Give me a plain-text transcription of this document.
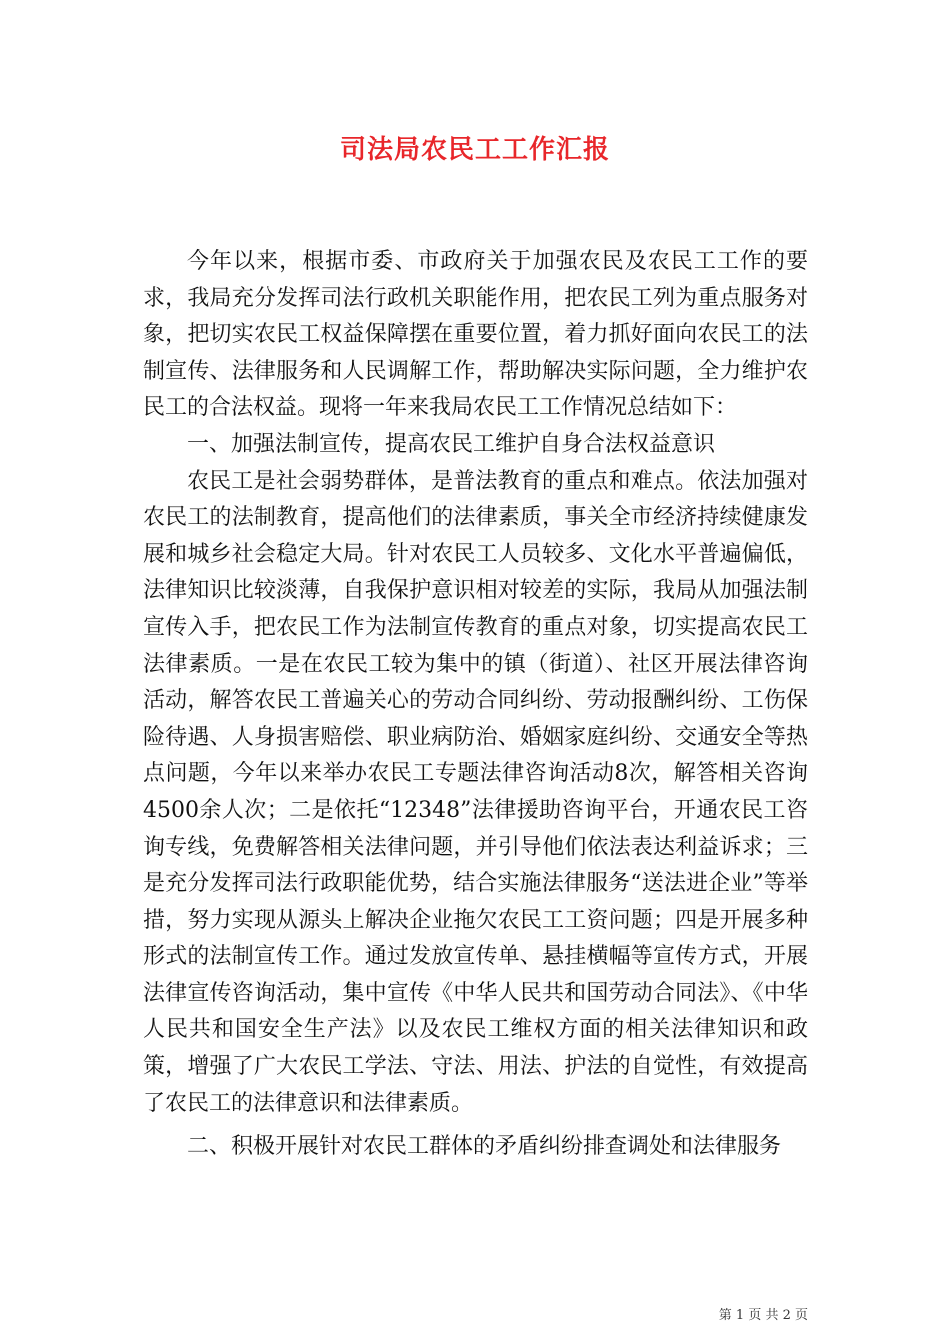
司法局农民工工作汇报

今年以来，根据市委、市政府关于加强农民及农民工工作的要求，我局充分发挥司法行政机关职能作用，把农民工列为重点服务对象，把切实农民工权益保障摆在重要位置，着力抓好面向农民工的法制宣传、法律服务和人民调解工作，帮助解决实际问题，全力维护农民工的合法权益。现将一年来我局农民工工作情况总结如下：

一、加强法制宣传，提高农民工维护自身合法权益意识

农民工是社会弱势群体，是普法教育的重点和难点。依法加强对农民工的法制教育，提高他们的法律素质，事关全市经济持续健康发展和城乡社会稳定大局。针对农民工人员较多、文化水平普遍偏低，法律知识比较淡薄，自我保护意识相对较差的实际，我局从加强法制宣传入手，把农民工作为法制宣传教育的重点对象，切实提高农民工法律素质。一是在农民工较为集中的镇（街道）、社区开展法律咨询活动，解答农民工普遍关心的劳动合同纠纷、劳动报酬纠纷、工伤保险待遇、人身损害赔偿、职业病防治、婚姻家庭纠纷、交通安全等热点问题，今年以来举办农民工专题法律咨询活动8次，解答相关咨询4500余人次；二是依托“12348”法律援助咨询平台，开通农民工咨询专线，免费解答相关法律问题，并引导他们依法表达利益诉求；三是充分发挥司法行政职能优势，结合实施法律服务“送法进企业”等举措，努力实现从源头上解决企业拖欠农民工工资问题；四是开展多种形式的法制宣传工作。通过发放宣传单、悬挂横幅等宣传方式，开展法律宣传咨询活动，集中宣传《中华人民共和国劳动合同法》、《中华人民共和国安全生产法》以及农民工维权方面的相关法律知识和政策，增强了广大农民工学法、守法、用法、护法的自觉性，有效提高了农民工的法律意识和法律素质。

二、积极开展针对农民工群体的矛盾纠纷排查调处和法律服务

第 1 页 共 2 页
